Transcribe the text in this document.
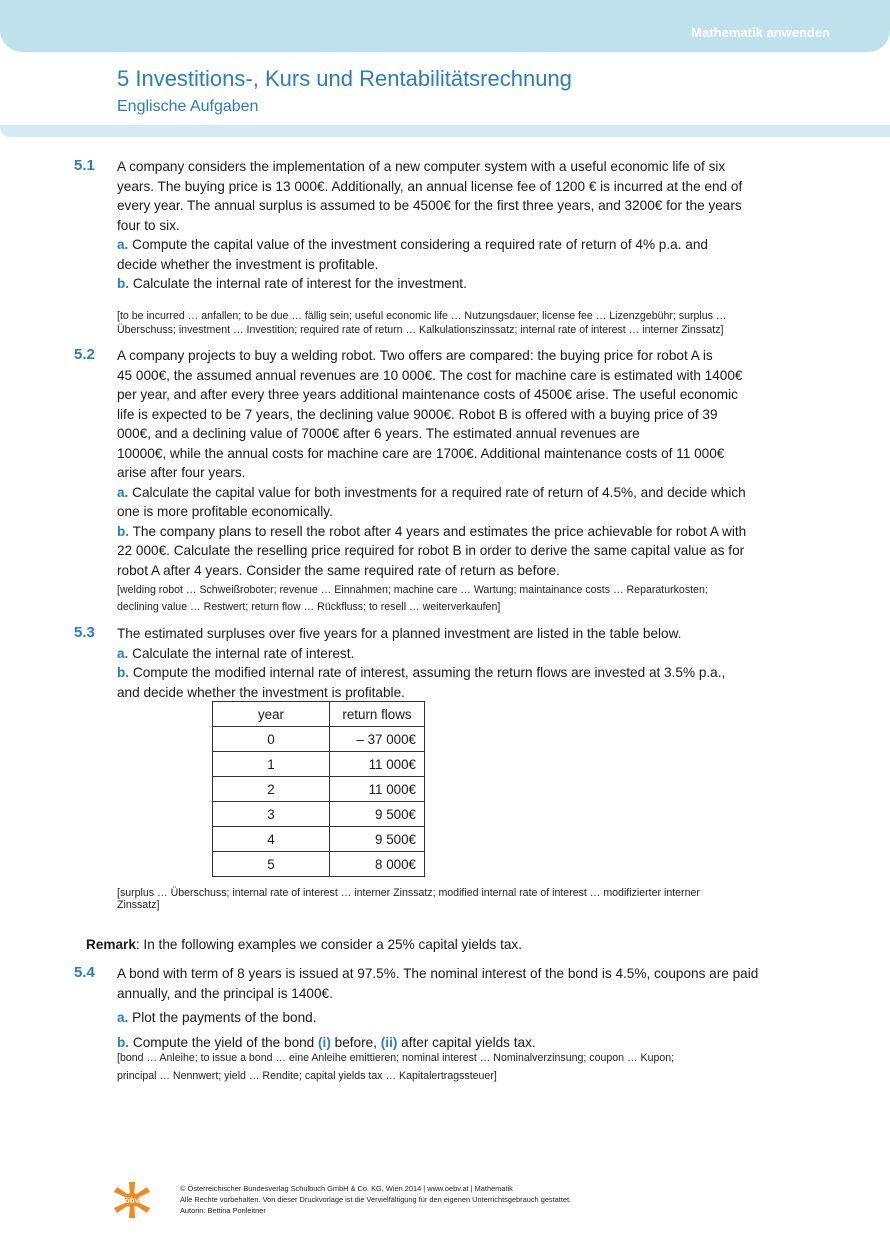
Mathematik anwenden
5 Investitions-, Kurs und Rentabilitätsrechnung
Englische Aufgaben
5.1 A company considers the implementation of a new computer system with a useful economic life of six
years. The buying price is 13 000€. Additionally, an annual license fee of 1200 € is incurred at the end of
every year. The annual surplus is assumed to be 4500€ for the first three years, and 3200€ for the years
four to six.
a. Compute the capital value of the investment considering a required rate of return of 4% p.a. and
decide whether the investment is profitable.
b. Calculate the internal rate of interest for the investment.
[to be incurred … anfallen; to be due … fällig sein; useful economic life … Nutzungsdauer; license fee … Lizenzgebühr; surplus …
Überschuss; investment … Investition; required rate of return … Kalkulationszinssatz; internal rate of interest … interner Zinssatz]
5.2 A company projects to buy a welding robot. Two offers are compared: the buying price for robot A is
45 000€, the assumed annual revenues are 10 000€. The cost for machine care is estimated with 1400€
per year, and after every three years additional maintenance costs of 4500€ arise. The useful economic
life is expected to be 7 years, the declining value 9000€. Robot B is offered with a buying price of 39
000€, and a declining value of 7000€ after 6 years. The estimated annual revenues are
10000€, while the annual costs for machine care are 1700€. Additional maintenance costs of 11 000€
arise after four years.
a. Calculate the capital value for both investments for a required rate of return of 4.5%, and decide which
one is more profitable economically.
b. The company plans to resell the robot after 4 years and estimates the price achievable for robot A with
22 000€. Calculate the reselling price required for robot B in order to derive the same capital value as for
robot A after 4 years. Consider the same required rate of return as before.
[welding robot … Schweißroboter; revenue … Einnahmen; machine care … Wartung; maintainance costs … Reparaturkosten;
declining value … Restwert; return flow … Rückfluss; to resell … weiterverkaufen]
5.3 The estimated surpluses over five years for a planned investment are listed in the table below.
a. Calculate the internal rate of interest.
b. Compute the modified internal rate of interest, assuming the return flows are invested at 3.5% p.a.,
and decide whether the investment is profitable.
year	return flows
0	– 37 000€
1	11 000€
2	11 000€
3	9 500€
4	9 500€
5	8 000€
[surplus … Überschuss; internal rate of interest … interner Zinssatz; modified internal rate of interest … modifizierter interner
Zinssatz]
Remark: In the following examples we consider a 25% capital yields tax.
5.4 A bond with term of 8 years is issued at 97.5%. The nominal interest of the bond is 4.5%, coupons are paid
annually, and the principal is 1400€.
a. Plot the payments of the bond.
b. Compute the yield of the bond (i) before, (ii) after capital yields tax.
[bond … Anleihe; to issue a bond … eine Anleihe emittieren; nominal interest … Nominalverzinsung; coupon … Kupon;
principal … Nennwert; yield … Rendite; capital yields tax … Kapitalertragssteuer]
öbv
© Österreichischer Bundesverlag Schulbuch GmbH & Co. KG, Wien 2014 | www.oebv.at | Mathematik
Alle Rechte vorbehalten. Von dieser Druckvorlage ist die Vervielfältigung für den eigenen Unterrichtsgebrauch gestattet.
Autorin: Bettina Ponleitner
